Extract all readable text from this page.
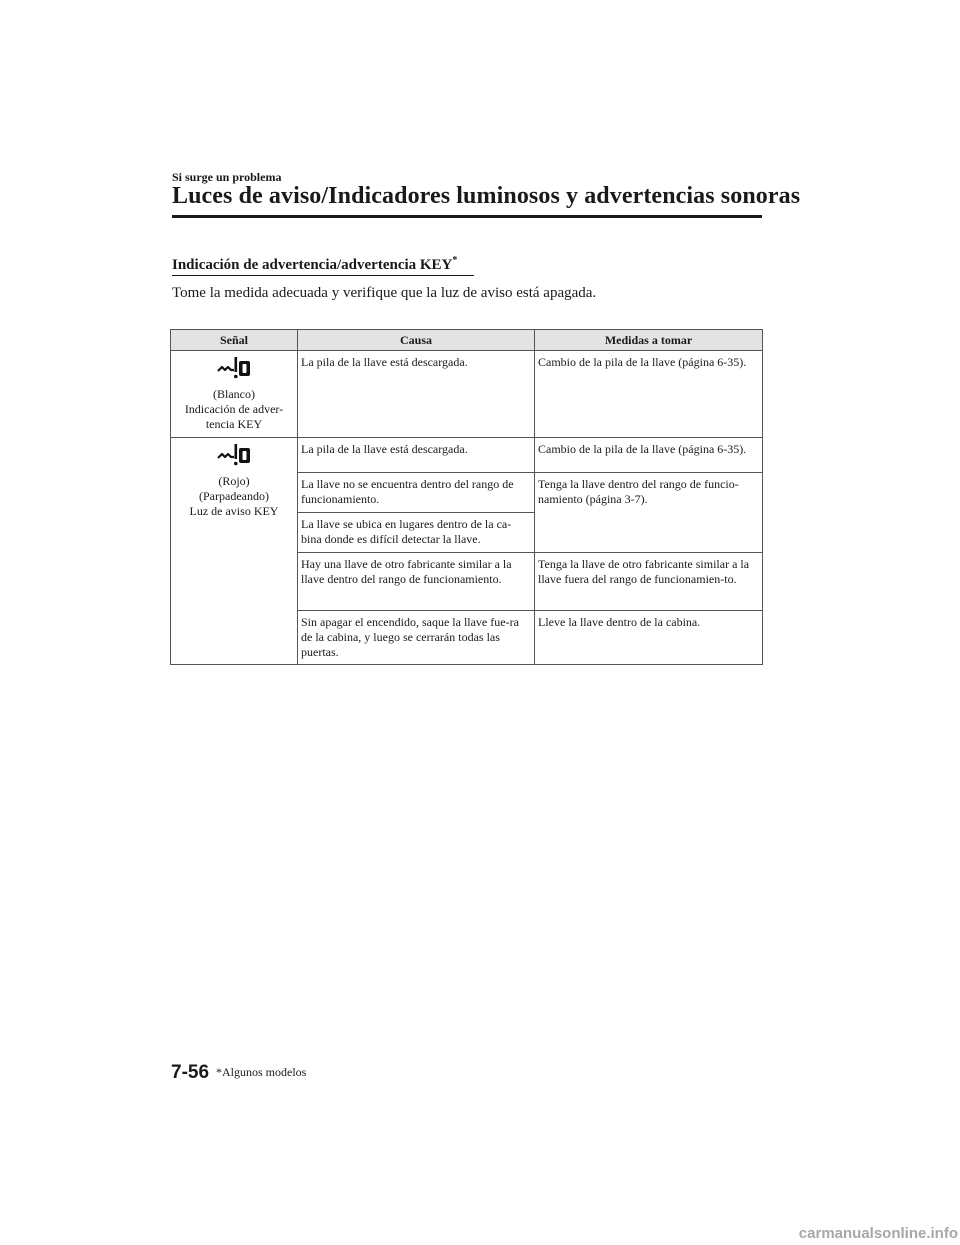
Si surge un problema
Luces de aviso/Indicadores luminosos y advertencias sonoras
Indicación de advertencia/advertencia KEY*
Tome la medida adecuada y verifique que la luz de aviso está apagada.
Señal	Causa	Medidas a tomar

(Blanco)
Indicación de adver-
tencia KEY	La pila de la llave está descargada.	Cambio de la pila de la llave (página 6-35).

(Rojo)
(Parpadeando)
Luz de aviso KEY	La pila de la llave está descargada.	Cambio de la pila de la llave (página 6-35).
	La llave no se encuentra dentro del rango de funcionamiento.	Tenga la llave dentro del rango de funcio-namiento (página 3-7).
	La llave se ubica en lugares dentro de la ca-bina donde es difícil detectar la llave.	
	Hay una llave de otro fabricante similar a la llave dentro del rango de funcionamiento.	Tenga la llave de otro fabricante similar a la llave fuera del rango de funcionamien-to.
	Sin apagar el encendido, saque la llave fue-ra de la cabina, y luego se cerrarán todas las puertas.	Lleve la llave dentro de la cabina.
7-56 *Algunos modelos
carmanualsonline.info
